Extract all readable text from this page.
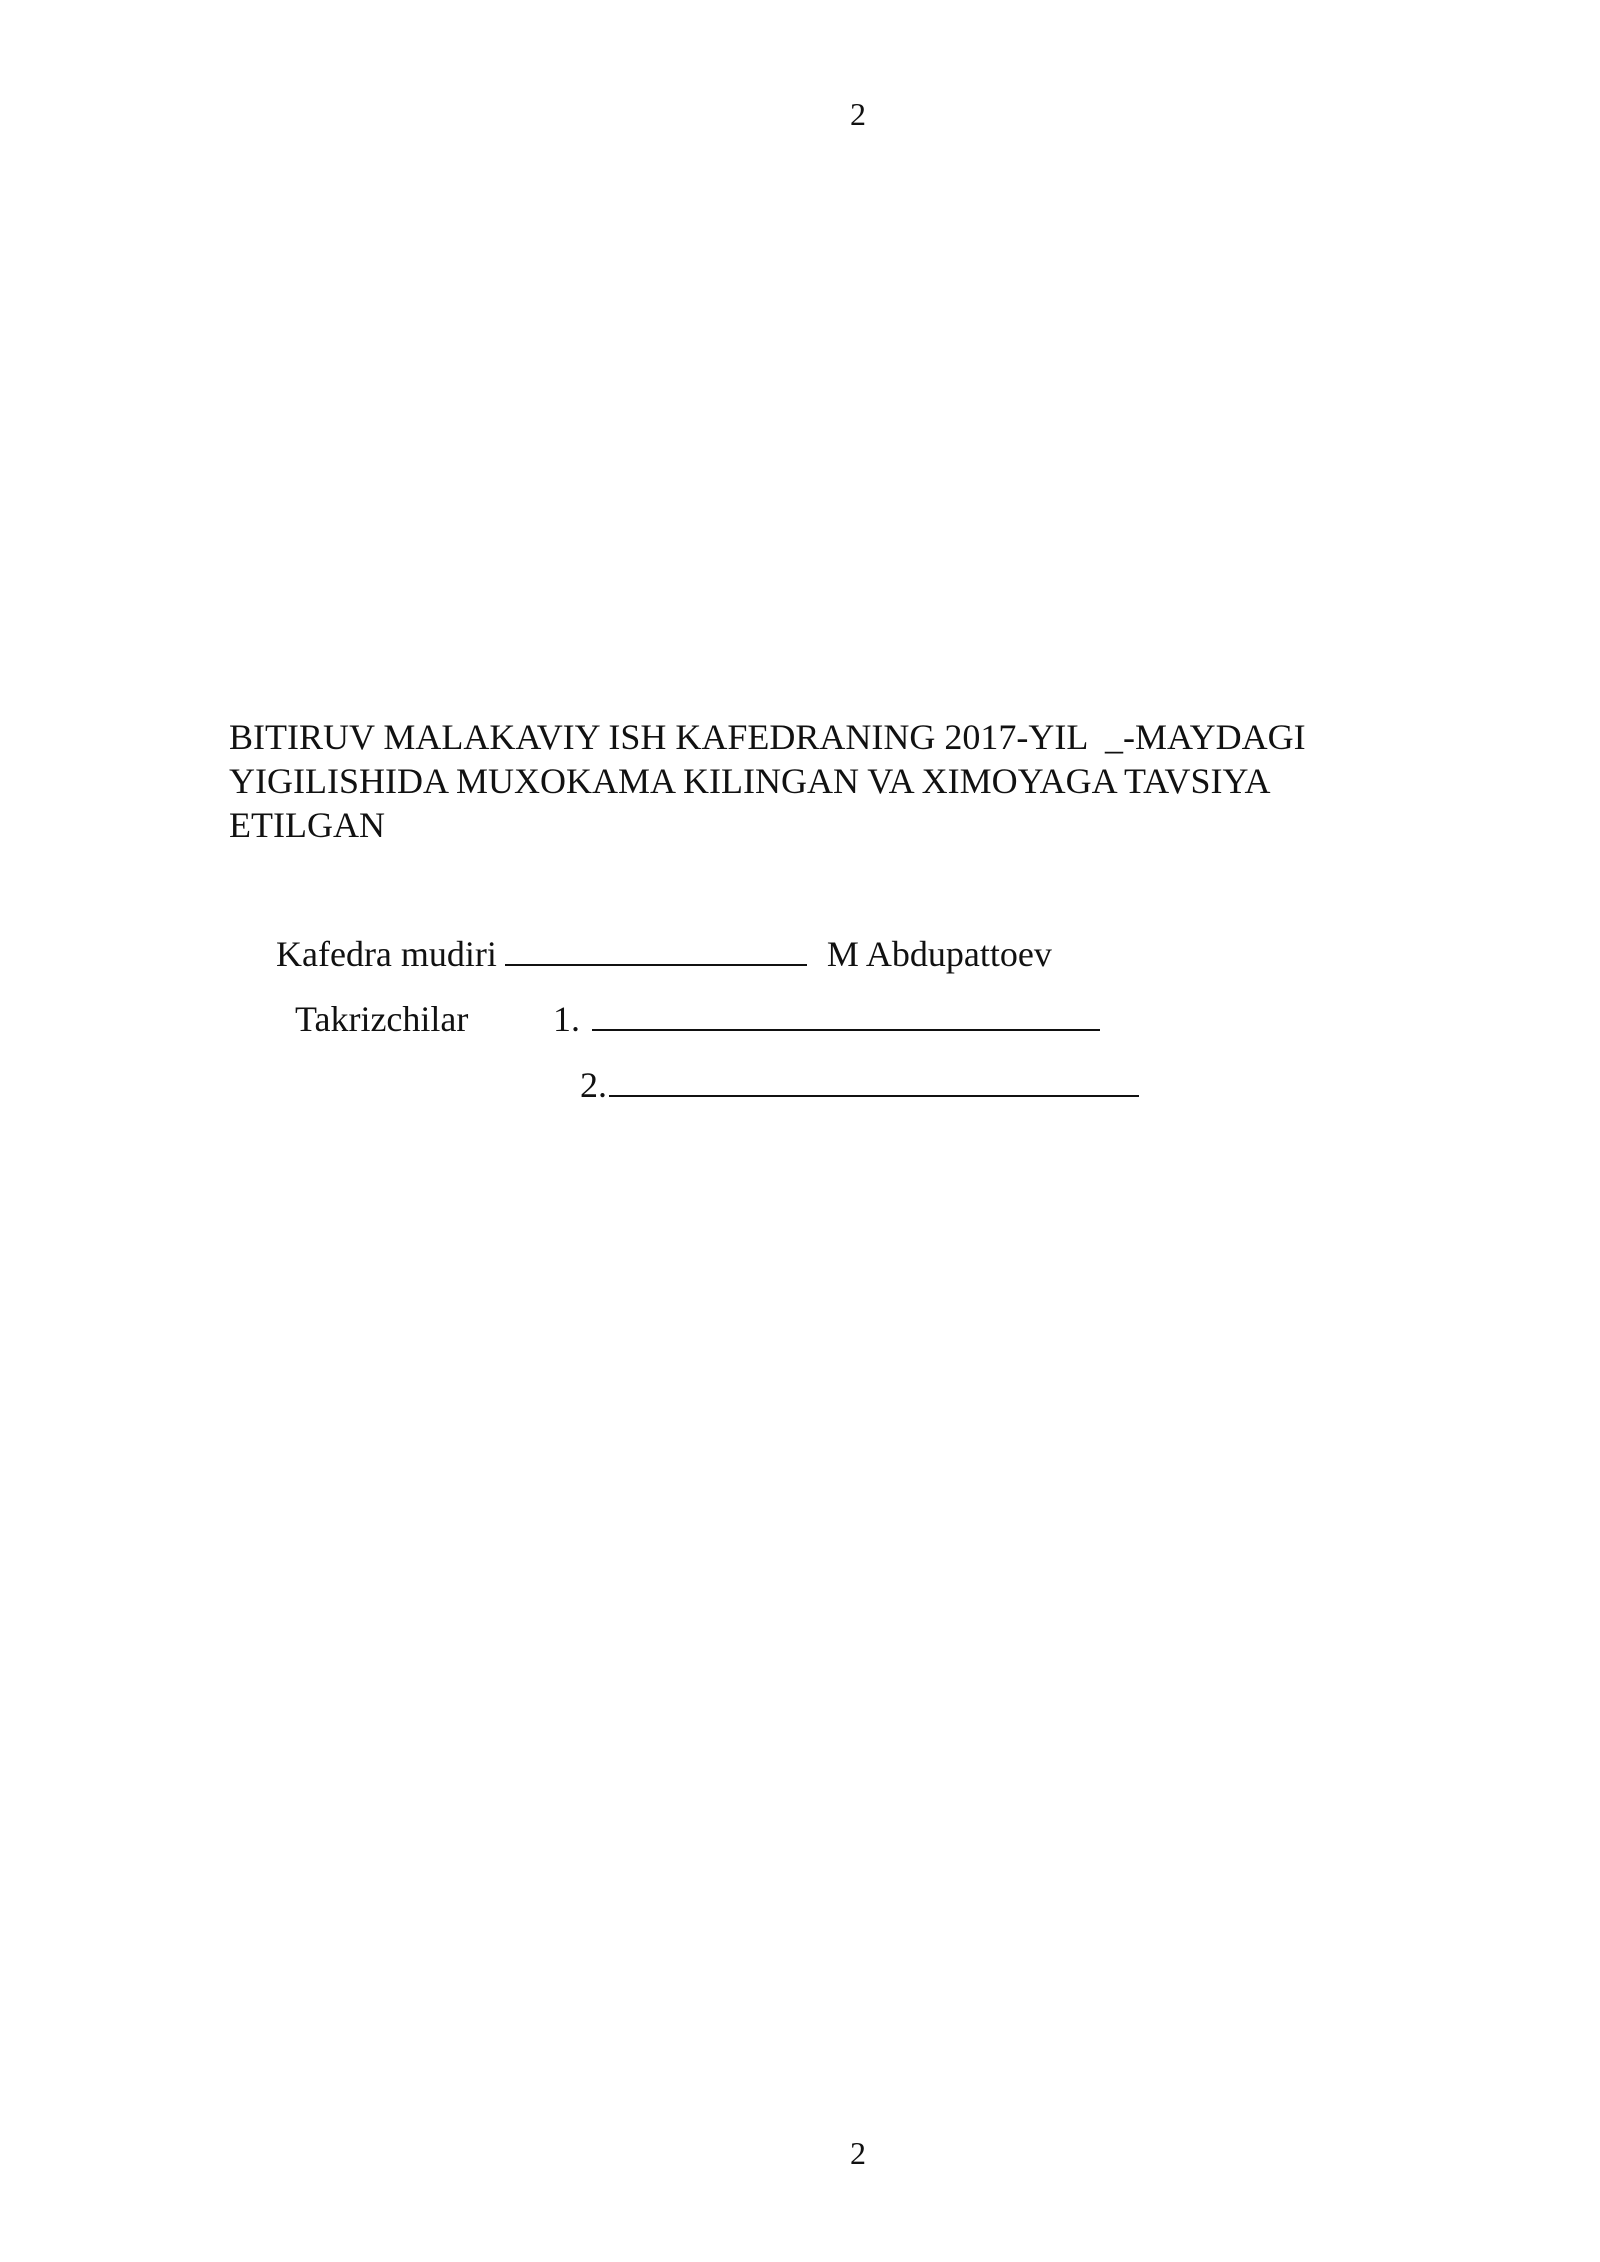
2
BITIRUV MALAKAVIY ISH KAFEDRANING 2017-YIL  _-MAYDAGI
YIGILISHIDA MUXOKAMA KILINGAN VA XIMOYAGA TAVSIYA
ETILGAN
Kafedra mudiri	M Abdupattoev
Takrizchilar 1.
2.
2
